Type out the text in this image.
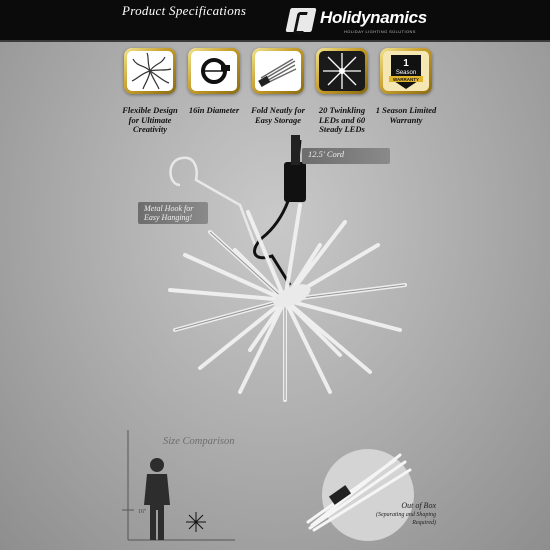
Product Specifications	Holidynamics
HOLIDAY LIGHTING SOLUTIONS
Flexible Design for Ultimate Creativity
16in Diameter	Fold Neatly for Easy Storage
20 Twinkling LEDs and 60 Steady LEDs
1
Season
WARRANTY
1 Season Limited Warranty
12.5' Cord
Metal Hook for Easy Hanging!
Size Comparison
16"
Out of Box
(Separating and Shaping Required)
